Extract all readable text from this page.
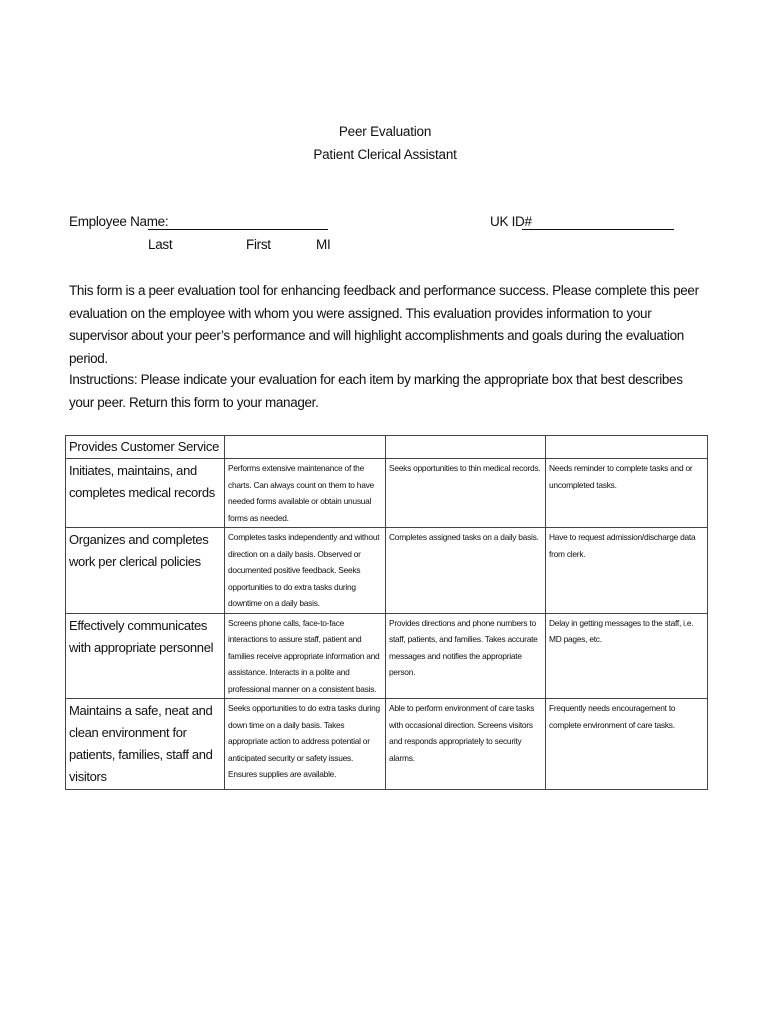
Peer Evaluation
Patient Clerical Assistant
Employee Name:	UK ID#
Last	First	MI
This form is a peer evaluation tool for enhancing feedback and performance success. Please complete this peer evaluation on the employee with whom you were assigned. This evaluation provides information to your supervisor about your peer’s performance and will highlight accomplishments and goals during the evaluation period.
Instructions: Please indicate your evaluation for each item by marking the appropriate box that best describes your peer. Return this form to your manager.
Provides Customer Service			

Initiates, maintains, and completes medical records	Performs extensive maintenance of the charts. Can always count on them to have needed forms available or obtain unusual forms as needed.	Seeks opportunities to thin medical records.	Needs reminder to complete tasks and or uncompleted tasks.

Organizes and completes work per clerical policies	Completes tasks independently and without direction on a daily basis. Observed or documented positive feedback. Seeks opportunities to do extra tasks during downtime on a daily basis.	Completes assigned tasks on a daily basis.	Have to request admission/discharge data from clerk.

Effectively communicates with appropriate personnel	Screens phone calls, face-to-face interactions to assure staff, patient and families receive appropriate information and assistance. Interacts in a polite and professional manner on a consistent basis.	Provides directions and phone numbers to staff, patients, and families. Takes accurate messages and notifies the appropriate person.	Delay in getting messages to the staff, i.e. MD pages, etc.

Maintains a safe, neat and clean environment for patients, families, staff and visitors	Seeks opportunities to do extra tasks during down time on a daily basis. Takes appropriate action to address potential or anticipated security or safety issues. Ensures supplies are available.	Able to perform environment of care tasks with occasional direction. Screens visitors and responds appropriately to security alarms.	Frequently needs encouragement to complete environment of care tasks.
